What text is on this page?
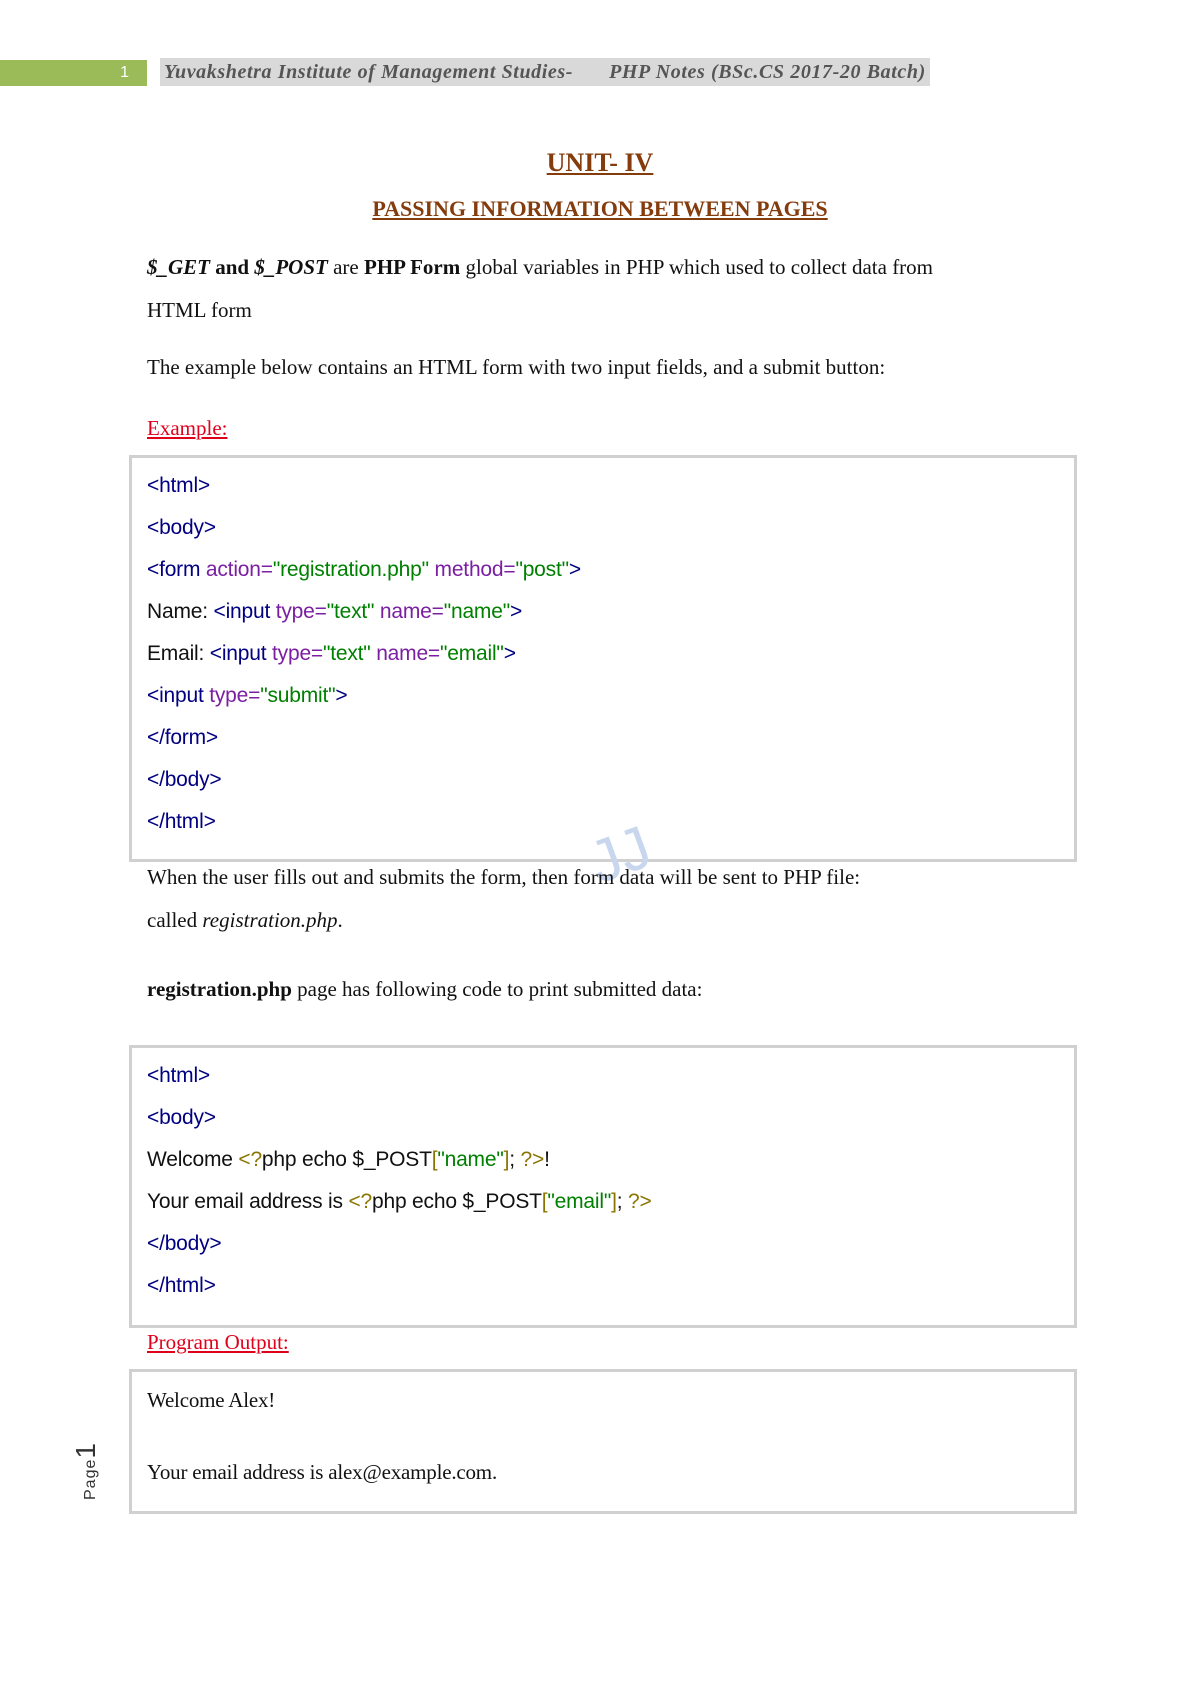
1	Yuvakshetra Institute of Management Studies- PHP Notes (BSc.CS 2017-20 Batch)
UNIT- IV
PASSING INFORMATION BETWEEN PAGES
$_GET and $_POST are PHP Form global variables in PHP which used to collect data from
HTML form
The example below contains an HTML form with two input fields, and a submit button:
Example:
<html>
<body>
<form action="registration.php" method="post">
Name: <input type="text" name="name">
Email: <input type="text" name="email">
<input type="submit">
</form>
</body>
</html>	JJ
When the user fills out and submits the form, then form data will be sent to PHP file:
called registration.php.
registration.php page has following code to print submitted data:
<html>
<body>
Welcome <?php echo $_POST["name"]; ?>!
Your email address is <?php echo $_POST["email"]; ?>
</body>
</html>
Program Output:
Welcome Alex!
Your email address is alex@example.com.
Page1
